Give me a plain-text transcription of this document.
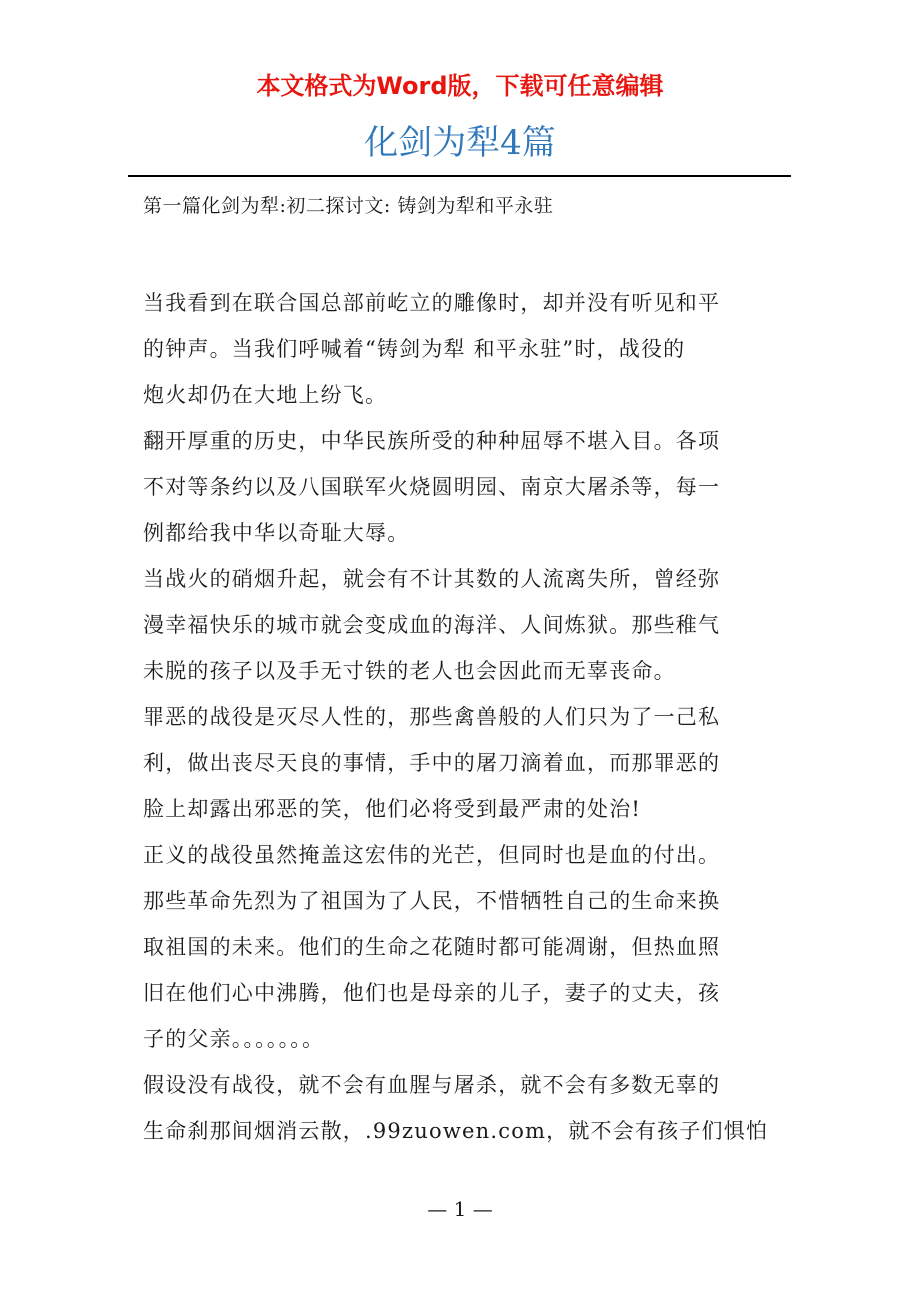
本文格式为Word版，下载可任意编辑
化剑为犁4篇
第一篇化剑为犁:初二探讨文: 铸剑为犁和平永驻
当我看到在联合国总部前屹立的雕像时，却并没有听见和平
的钟声。当我们呼喊着“铸剑为犁 和平永驻”时，战役的
炮火却仍在大地上纷飞。
翻开厚重的历史，中华民族所受的种种屈辱不堪入目。各项
不对等条约以及八国联军火烧圆明园、南京大屠杀等，每一
例都给我中华以奇耻大辱。
当战火的硝烟升起，就会有不计其数的人流离失所，曾经弥
漫幸福快乐的城市就会变成血的海洋、人间炼狱。那些稚气
未脱的孩子以及手无寸铁的老人也会因此而无辜丧命。
罪恶的战役是灭尽人性的，那些禽兽般的人们只为了一己私
利，做出丧尽天良的事情，手中的屠刀滴着血，而那罪恶的
脸上却露出邪恶的笑，他们必将受到最严肃的处治!
正义的战役虽然掩盖这宏伟的光芒，但同时也是血的付出。
那些革命先烈为了祖国为了人民，不惜牺牲自己的生命来换
取祖国的未来。他们的生命之花随时都可能凋谢，但热血照
旧在他们心中沸腾，他们也是母亲的儿子，妻子的丈夫，孩
子的父亲。。。。。。。
假设没有战役，就不会有血腥与屠杀，就不会有多数无辜的
生命刹那间烟消云散，.99zuowen.com，就不会有孩子们惧怕
— 1 —
